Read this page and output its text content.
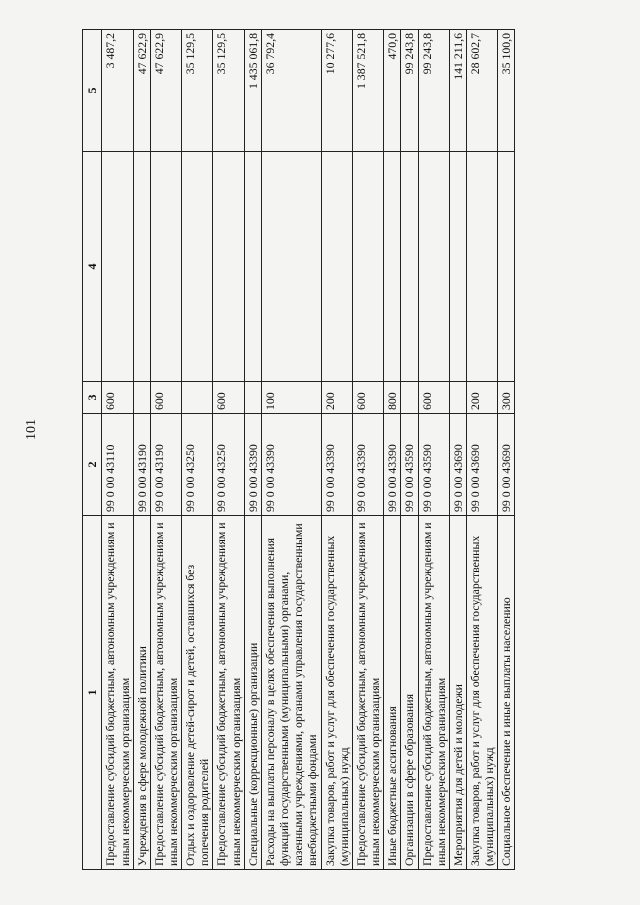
101
1	2	3	4	5
Предоставление субсидий бюджетным, автономным учреждениям и иным некоммерческим организациям	99 0 00 43110	600		3 487,2
Учреждения в сфере молодежной политики	99 0 00 43190			47 622,9
Предоставление субсидий бюджетным, автономным учреждениям и иным некоммерческим организациям	99 0 00 43190	600		47 622,9
Отдых и оздоровление детей-сирот и детей, оставшихся без попечения родителей	99 0 00 43250			35 129,5
Предоставление субсидий бюджетным, автономным учреждениям и иным некоммерческим организациям	99 0 00 43250	600		35 129,5
Специальные (коррекционные) организации	99 0 00 43390			1 435 061,8
Расходы на выплаты персоналу в целях обеспечения выполнения функций государственными (муниципальными) органами, казенными учреждениями, органами управления государственными внебюджетными фондами	99 0 00 43390	100		36 792,4
Закупка товаров, работ и услуг для обеспечения государственных (муниципальных) нужд	99 0 00 43390	200		10 277,6
Предоставление субсидий бюджетным, автономным учреждениям и иным некоммерческим организациям	99 0 00 43390	600		1 387 521,8
Иные бюджетные ассигнования	99 0 00 43390	800		470,0
Организации в сфере образования	99 0 00 43590			99 243,8
Предоставление субсидий бюджетным, автономным учреждениям и иным некоммерческим организациям	99 0 00 43590	600		99 243,8
Мероприятия для детей и молодежи	99 0 00 43690			141 211,6
Закупка товаров, работ и услуг для обеспечения государственных (муниципальных) нужд	99 0 00 43690	200		28 602,7
Социальное обеспечение и иные выплаты населению	99 0 00 43690	300		35 100,0
